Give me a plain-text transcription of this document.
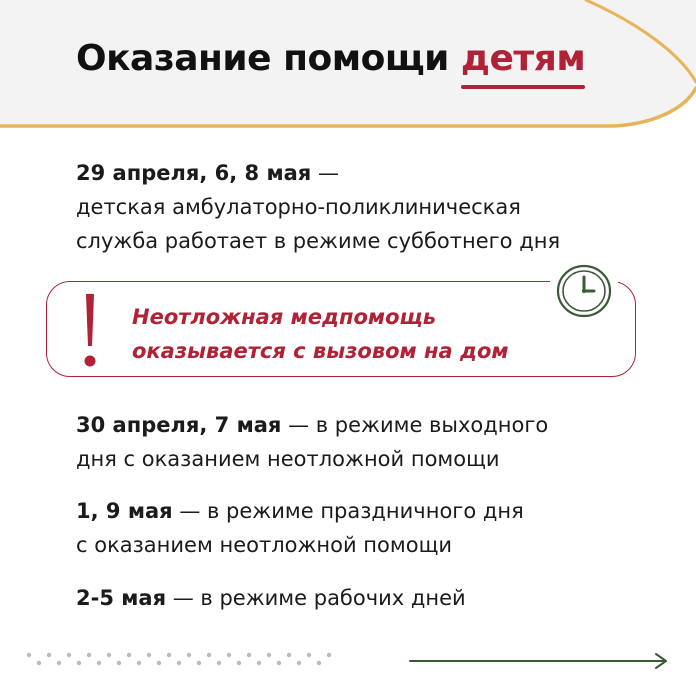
Оказание помощи детям
29 апреля, 6, 8 мая —
детская амбулаторно-поликлиническая
служба работает в режиме субботнего дня
Неотложная медпомощь
оказывается с вызовом на дом
30 апреля, 7 мая — в режиме выходного
дня с оказанием неотложной помощи
1, 9 мая — в режиме праздничного дня
с оказанием неотложной помощи
2-5 мая — в режиме рабочих дней
